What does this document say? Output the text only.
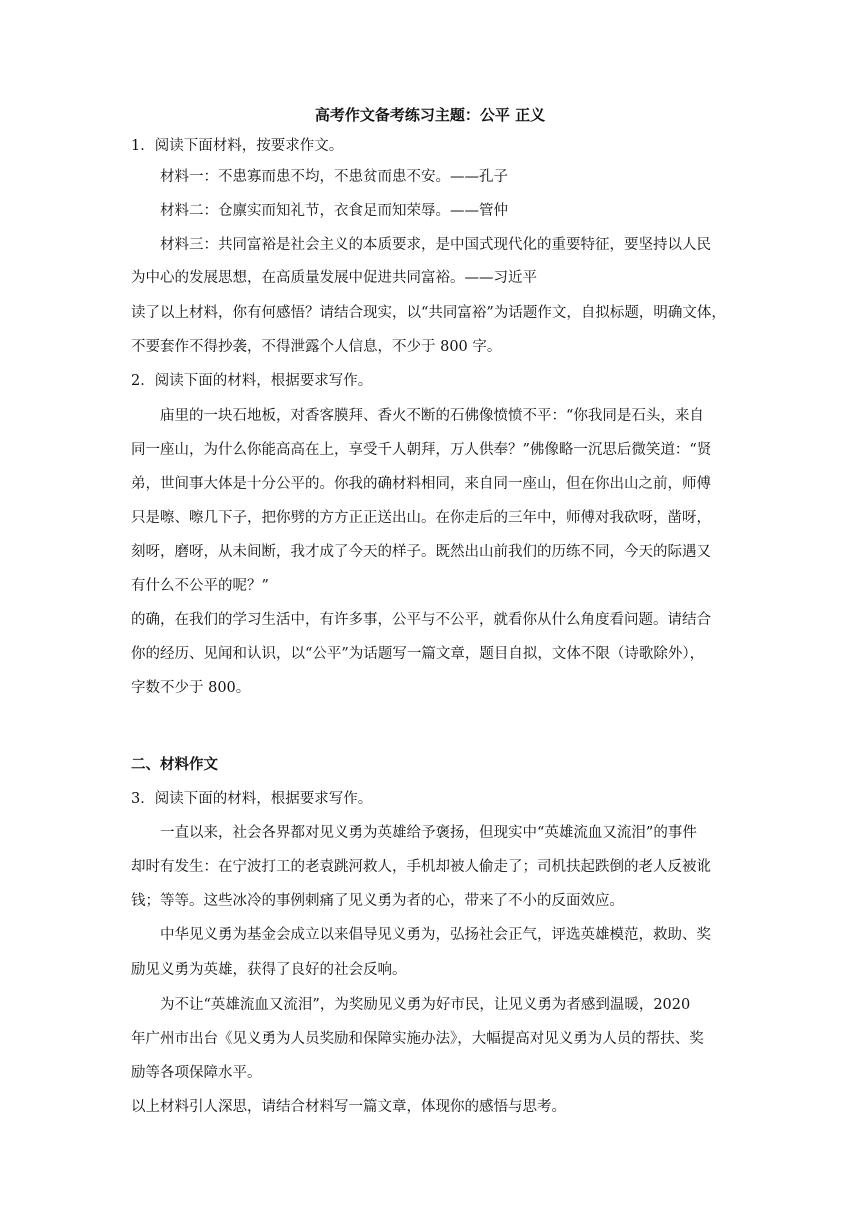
高考作文备考练习主题：公平 正义
1．阅读下面材料，按要求作文。
材料一：不患寡而患不均，不患贫而患不安。——孔子
材料二：仓廪实而知礼节，衣食足而知荣辱。——管仲
材料三：共同富裕是社会主义的本质要求，是中国式现代化的重要特征，要坚持以人民
为中心的发展思想，在高质量发展中促进共同富裕。——习近平
读了以上材料，你有何感悟？请结合现实，以“共同富裕”为话题作文，自拟标题，明确文体，
不要套作不得抄袭，不得泄露个人信息，不少于 800 字。
2．阅读下面的材料，根据要求写作。
庙里的一块石地板，对香客膜拜、香火不断的石佛像愤愤不平：“你我同是石头，来自
同一座山，为什么你能高高在上，享受千人朝拜，万人供奉？”佛像略一沉思后微笑道：“贤
弟，世间事大体是十分公平的。你我的确材料相同，来自同一座山，但在你出山之前，师傅
只是嚓、嚓几下子，把你劈的方方正正送出山。在你走后的三年中，师傅对我砍呀，凿呀，
刻呀，磨呀，从未间断，我才成了今天的样子。既然出山前我们的历练不同，今天的际遇又
有什么不公平的呢？”
的确，在我们的学习生活中，有许多事，公平与不公平，就看你从什么角度看问题。请结合
你的经历、见闻和认识，以“公平”为话题写一篇文章，题目自拟，文体不限（诗歌除外），
字数不少于 800。
二、材料作文
3．阅读下面的材料，根据要求写作。
一直以来，社会各界都对见义勇为英雄给予褒扬，但现实中“英雄流血又流泪”的事件
却时有发生：在宁波打工的老袁跳河救人，手机却被人偷走了；司机扶起跌倒的老人反被讹
钱；等等。这些冰冷的事例刺痛了见义勇为者的心，带来了不小的反面效应。
中华见义勇为基金会成立以来倡导见义勇为，弘扬社会正气，评选英雄模范，救助、奖
励见义勇为英雄，获得了良好的社会反响。
为不让“英雄流血又流泪”，为奖励见义勇为好市民，让见义勇为者感到温暖，2020
年广州市出台《见义勇为人员奖励和保障实施办法》，大幅提高对见义勇为人员的帮扶、奖
励等各项保障水平。
以上材料引人深思，请结合材料写一篇文章，体现你的感悟与思考。
